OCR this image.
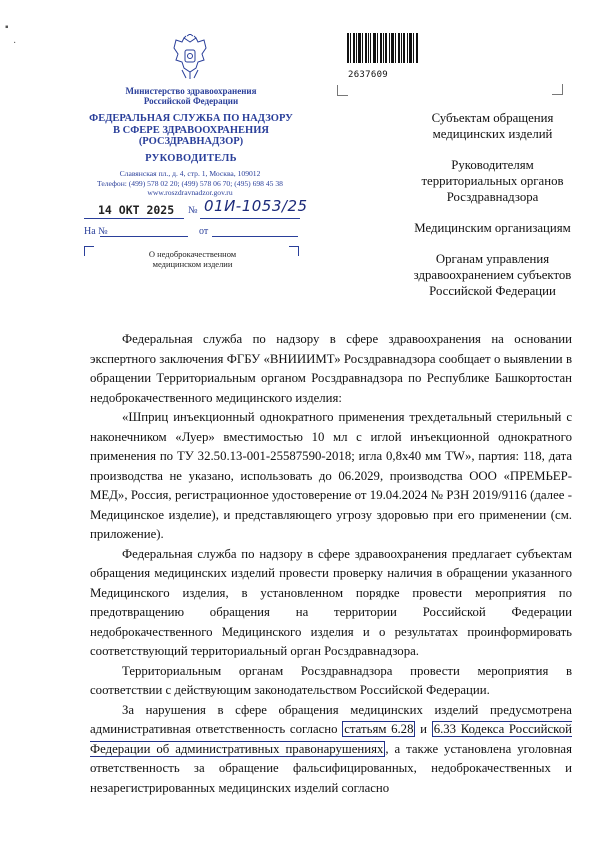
▪
·
Министерство здравоохранения
Российской Федерации
ФЕДЕРАЛЬНАЯ СЛУЖБА ПО НАДЗОРУ
В СФЕРЕ ЗДРАВООХРАНЕНИЯ
(РОСЗДРАВНАДЗОР)
РУКОВОДИТЕЛЬ
Славянская пл., д. 4, стр. 1, Москва, 109012
Телефон: (499) 578 02 20; (499) 578 06 70; (495) 698 45 38
www.roszdravnadzor.gov.ru
14 ОКТ 2025 № 01И-1053/25
На №	от
О недоброкачественном
медицинском изделии
2637609

Субъектам обращения
медицинских изделий

Руководителям
территориальных органов
Росздравнадзора

Медицинским организациям

Органам управления
здравоохранением субъектов
Российской Федерации

Федеральная служба по надзору в сфере здравоохранения на основании экспертного заключения ФГБУ «ВНИИИМТ» Росздравнадзора сообщает о выявлении в обращении Территориальным органом Росздравнадзора по Республике Башкортостан недоброкачественного медицинского изделия:

«Шприц инъекционный однократного применения трехдетальный стерильный с наконечником «Луер» вместимостью 10 мл с иглой инъекционной однократного применения по ТУ 32.50.13-001-25587590-2018; игла 0,8x40 мм TW», партия: 118, дата производства не указано, использовать до 06.2029, производства ООО «ПРЕМЬЕР-МЕД», Россия, регистрационное удостоверение от 19.04.2024 № РЗН 2019/9116 (далее - Медицинское изделие), и представляющего угрозу здоровью при его применении (см. приложение).

Федеральная служба по надзору в сфере здравоохранения предлагает субъектам обращения медицинских изделий провести проверку наличия в обращении указанного Медицинского изделия, в установленном порядке провести мероприятия по предотвращению обращения на территории Российской Федерации недоброкачественного Медицинского изделия и о результатах проинформировать соответствующий территориальный орган Росздравнадзора.

Территориальным органам Росздравнадзора провести мероприятия в соответствии с действующим законодательством Российской Федерации.

За нарушения в сфере обращения медицинских изделий предусмотрена административная ответственность согласно статьям 6.28 и 6.33 Кодекса Российской Федерации об административных правонарушениях , а также установлена уголовная ответственность за обращение фальсифицированных, недоброкачественных и незарегистрированных медицинских изделий согласно
